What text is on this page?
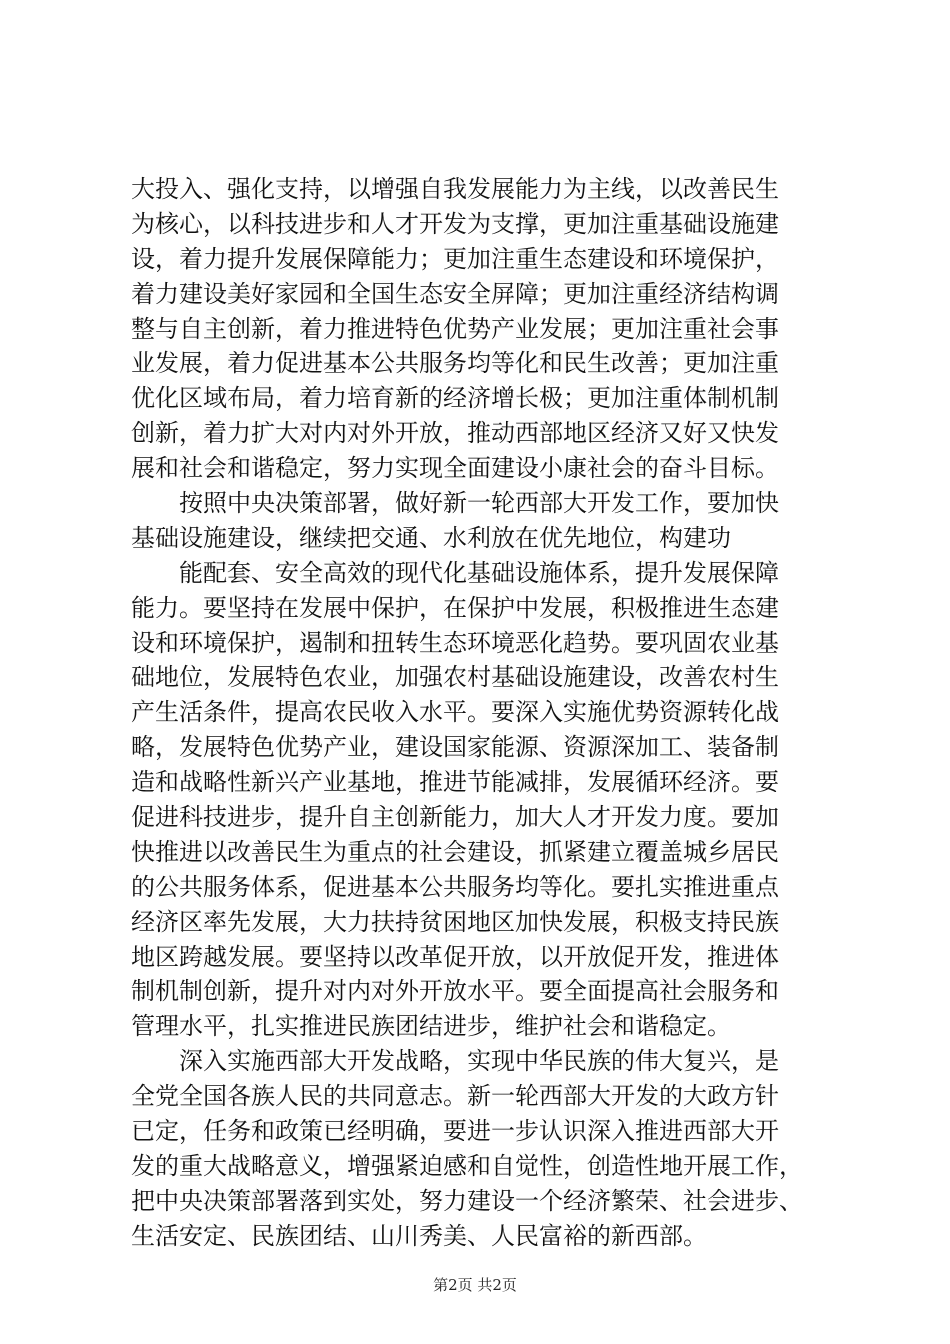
大投入、强化支持，以增强自我发展能力为主线，以改善民生
为核心，以科技进步和人才开发为支撑，更加注重基础设施建
设，着力提升发展保障能力；更加注重生态建设和环境保护，
着力建设美好家园和全国生态安全屏障；更加注重经济结构调
整与自主创新，着力推进特色优势产业发展；更加注重社会事
业发展，着力促进基本公共服务均等化和民生改善；更加注重
优化区域布局，着力培育新的经济增长极；更加注重体制机制
创新，着力扩大对内对外开放，推动西部地区经济又好又快发
展和社会和谐稳定，努力实现全面建设小康社会的奋斗目标。
　　按照中央决策部署，做好新一轮西部大开发工作，要加快
基础设施建设，继续把交通、水利放在优先地位，构建功
　　能配套、安全高效的现代化基础设施体系，提升发展保障
能力。要坚持在发展中保护，在保护中发展，积极推进生态建
设和环境保护，遏制和扭转生态环境恶化趋势。要巩固农业基
础地位，发展特色农业，加强农村基础设施建设，改善农村生
产生活条件，提高农民收入水平。要深入实施优势资源转化战
略，发展特色优势产业，建设国家能源、资源深加工、装备制
造和战略性新兴产业基地，推进节能减排，发展循环经济。要
促进科技进步，提升自主创新能力，加大人才开发力度。要加
快推进以改善民生为重点的社会建设，抓紧建立覆盖城乡居民
的公共服务体系，促进基本公共服务均等化。要扎实推进重点
经济区率先发展，大力扶持贫困地区加快发展，积极支持民族
地区跨越发展。要坚持以改革促开放，以开放促开发，推进体
制机制创新，提升对内对外开放水平。要全面提高社会服务和
管理水平，扎实推进民族团结进步，维护社会和谐稳定。
　　深入实施西部大开发战略，实现中华民族的伟大复兴，是
全党全国各族人民的共同意志。新一轮西部大开发的大政方针
已定，任务和政策已经明确，要进一步认识深入推进西部大开
发的重大战略意义，增强紧迫感和自觉性，创造性地开展工作，
把中央决策部署落到实处，努力建设一个经济繁荣、社会进步、
生活安定、民族团结、山川秀美、人民富裕的新西部。
第2页 共2页
